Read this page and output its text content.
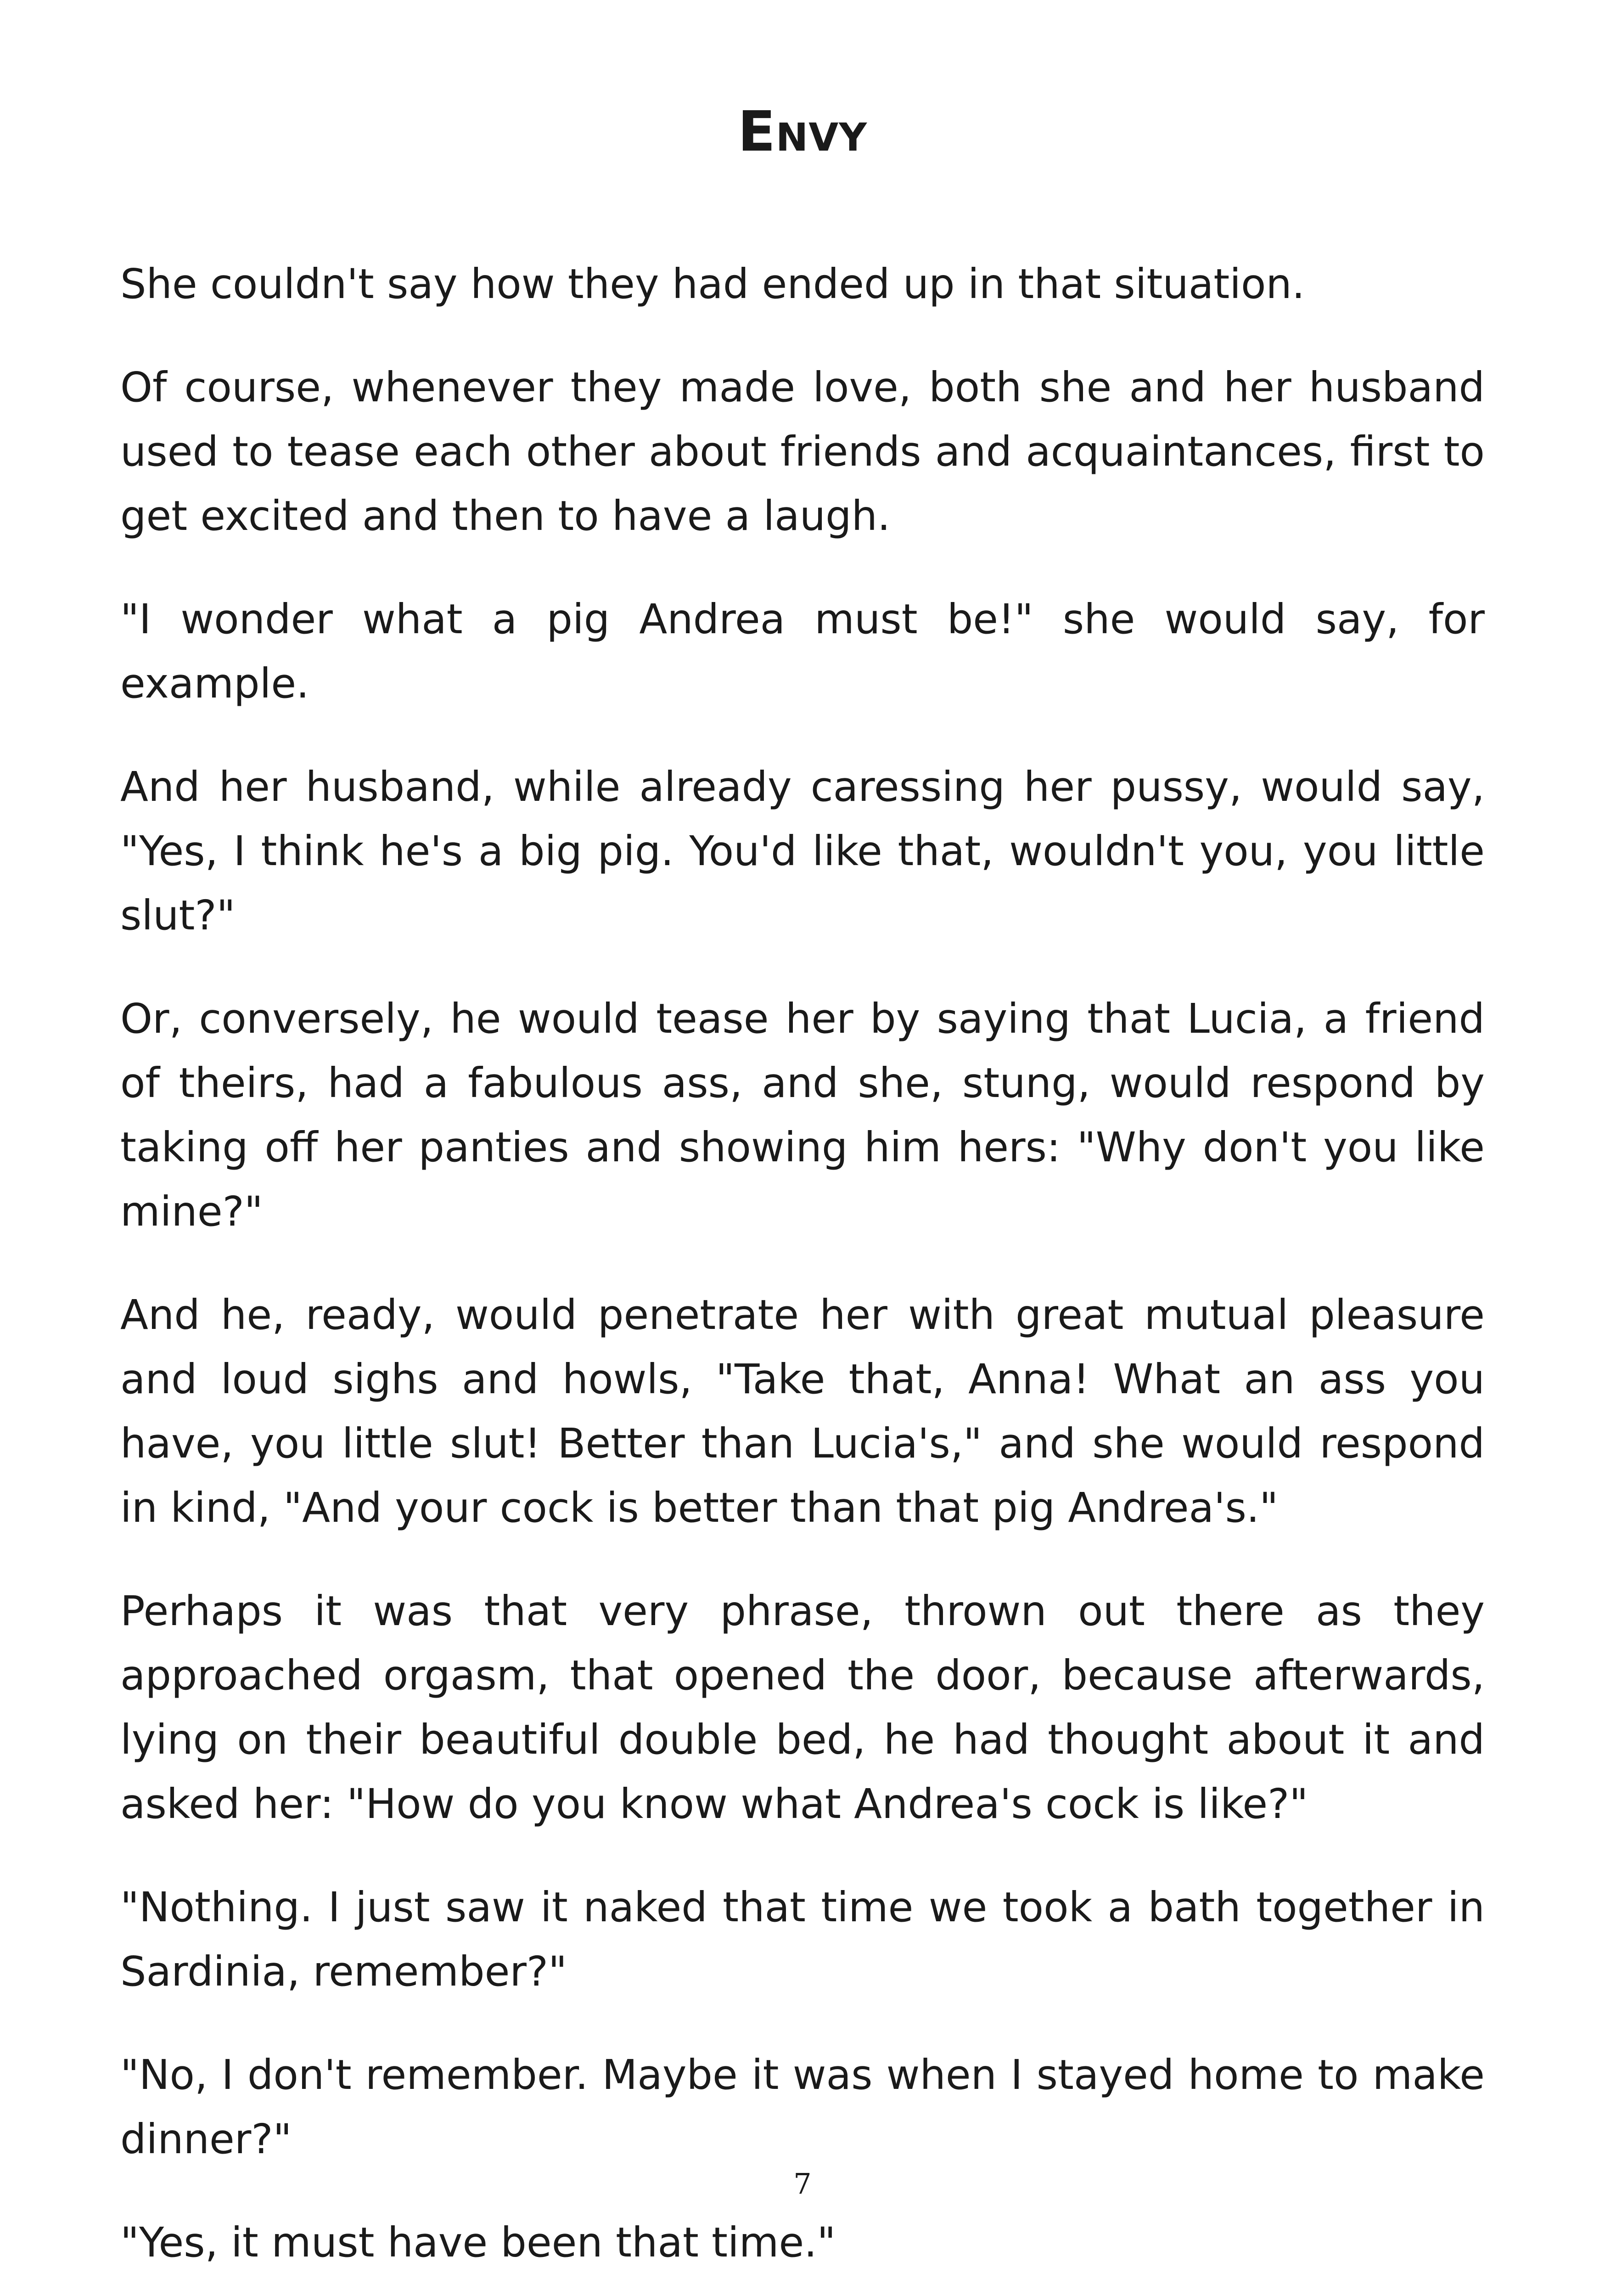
Envy

She couldn't say how they had ended up in that situation.

Of course, whenever they made love, both she and her husband used to tease each other about friends and acquaintances, first to get excited and then to have a laugh.

"I wonder what a pig Andrea must be!" she would say, for example.

And her husband, while already caressing her pussy, would say, "Yes, I think he's a big pig. You'd like that, wouldn't you, you little slut?"

Or, conversely, he would tease her by saying that Lucia, a friend of theirs, had a fabulous ass, and she, stung, would respond by taking off her panties and showing him hers: "Why don't you like mine?"

And he, ready, would penetrate her with great mutual pleasure and loud sighs and howls, "Take that, Anna! What an ass you have, you little slut! Better than Lucia's," and she would respond in kind, "And your cock is better than that pig Andrea's."

Perhaps it was that very phrase, thrown out there as they approached orgasm, that opened the door, because afterwards, lying on their beautiful double bed, he had thought about it and asked her: "How do you know what Andrea's cock is like?"

"Nothing. I just saw it naked that time we took a bath together in Sardinia, remember?"

"No, I don't remember. Maybe it was when I stayed home to make dinner?"

"Yes, it must have been that time."

7
